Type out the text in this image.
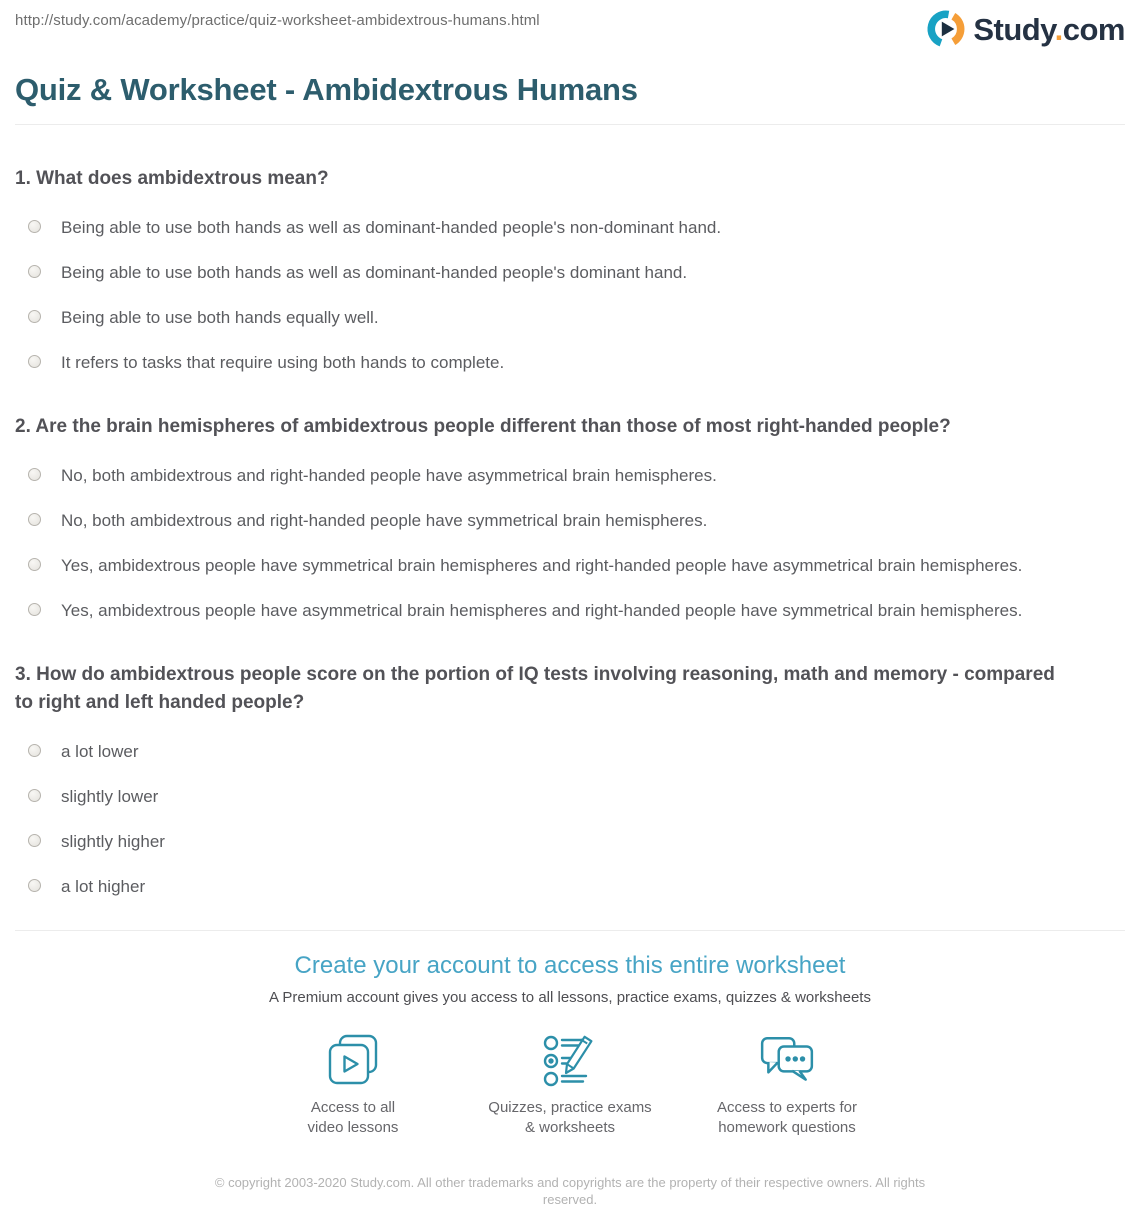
http://study.com/academy/practice/quiz-worksheet-ambidextrous-humans.html	Study.com
Quiz & Worksheet - Ambidextrous Humans
1. What does ambidextrous mean?
Being able to use both hands as well as dominant-handed people's non-dominant hand.
Being able to use both hands as well as dominant-handed people's dominant hand.
Being able to use both hands equally well.
It refers to tasks that require using both hands to complete.
2. Are the brain hemispheres of ambidextrous people different than those of most right-handed people?
No, both ambidextrous and right-handed people have asymmetrical brain hemispheres.
No, both ambidextrous and right-handed people have symmetrical brain hemispheres.
Yes, ambidextrous people have symmetrical brain hemispheres and right-handed people have asymmetrical brain hemispheres.
Yes, ambidextrous people have asymmetrical brain hemispheres and right-handed people have symmetrical brain hemispheres.
3. How do ambidextrous people score on the portion of IQ tests involving reasoning, math and memory - compared to right and left handed people?
a lot lower
slightly lower
slightly higher
a lot higher
Create your account to access this entire worksheet
A Premium account gives you access to all lessons, practice exams, quizzes & worksheets
Access to all
video lessons
Quizzes, practice exams
& worksheets
Access to experts for
homework questions
© copyright 2003-2020 Study.com. All other trademarks and copyrights are the property of their respective owners. All rights reserved.
